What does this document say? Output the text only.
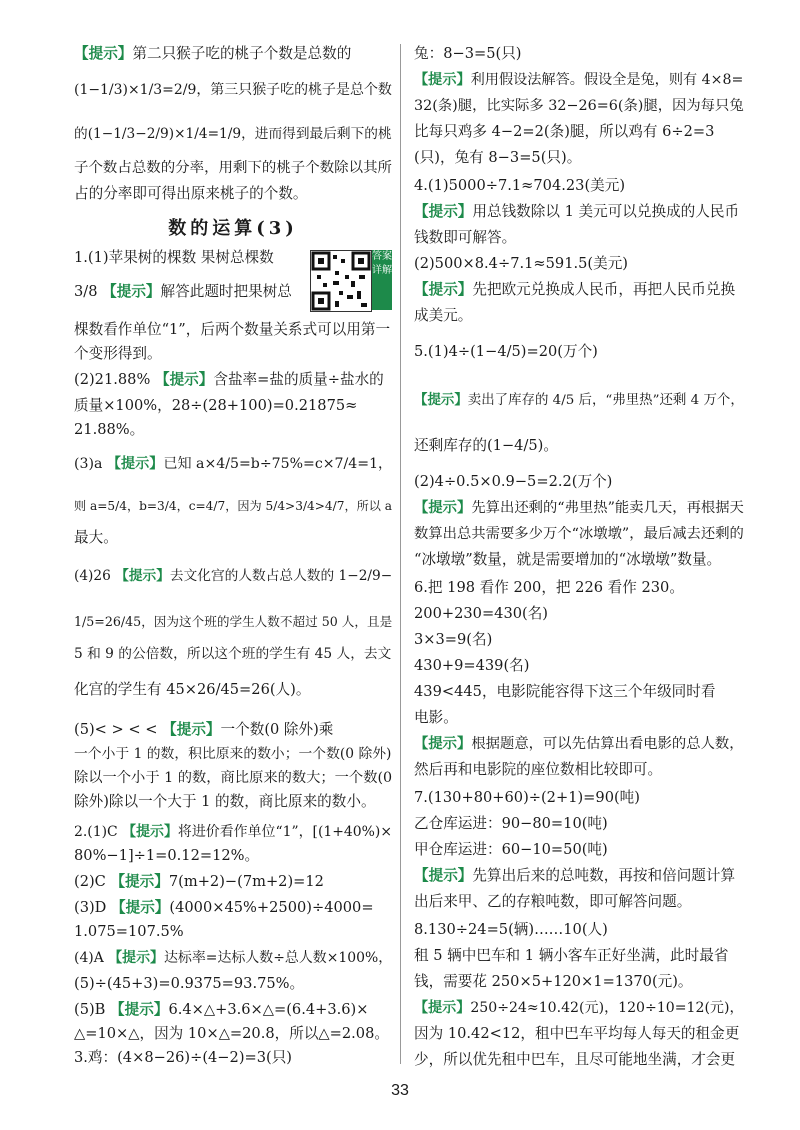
【提示】第二只猴子吃的桃子个数是总数的
(1−1/3)×1/3=2/9，第三只猴子吃的桃子是总个数
的(1−1/3−2/9)×1/4=1/9，进而得到最后剩下的桃
子个数占总数的分率，用剩下的桃子个数除以其所
占的分率即可得出原来桃子的个数。
数的运算(3)
答案详解
1.(1)苹果树的棵数 果树总棵数
3/8 【提示】解答此题时把果树总
棵数看作单位“1”，后两个数量关系式可以用第一
个变形得到。
(2)21.88% 【提示】含盐率=盐的质量÷盐水的
质量×100%，28÷(28+100)=0.21875≈
21.88%。
(3)a 【提示】已知 a×4/5=b÷75%=c×7/4=1，
则 a=5/4，b=3/4，c=4/7，因为 5/4>3/4>4/7，所以 a
最大。
(4)26 【提示】去文化宫的人数占总人数的 1−2/9−
1/5=26/45，因为这个班的学生人数不超过 50 人，且是
5 和 9 的公倍数，所以这个班的学生有 45 人，去文
化宫的学生有 45×26/45=26(人)。
(5)< > < < 【提示】一个数(0 除外)乘
一个小于 1 的数，积比原来的数小；一个数(0 除外)
除以一个小于 1 的数，商比原来的数大；一个数(0
除外)除以一个大于 1 的数，商比原来的数小。
2.(1)C 【提示】将进价看作单位“1”，[(1+40%)×
80%−1]÷1=0.12=12%。
(2)C 【提示】7(m+2)−(7m+2)=12
(3)D 【提示】(4000×45%+2500)÷4000=
1.075=107.5%
(4)A 【提示】达标率=达标人数÷总人数×100%，
(5)÷(45+3)=0.9375=93.75%。
(5)B 【提示】6.4×△+3.6×△=(6.4+3.6)×
△=10×△，因为 10×△=20.8，所以△=2.08。
3.鸡：(4×8−26)÷(4−2)=3(只)
兔：8−3=5(只)
【提示】利用假设法解答。假设全是兔，则有 4×8=
32(条)腿，比实际多 32−26=6(条)腿，因为每只兔
比每只鸡多 4−2=2(条)腿，所以鸡有 6÷2=3
(只)，兔有 8−3=5(只)。
4.(1)5000÷7.1≈704.23(美元)
【提示】用总钱数除以 1 美元可以兑换成的人民币
钱数即可解答。
(2)500×8.4÷7.1≈591.5(美元)
【提示】先把欧元兑换成人民币，再把人民币兑换
成美元。
5.(1)4÷(1−4/5)=20(万个)
【提示】卖出了库存的 4/5 后，“弗里热”还剩 4 万个，
还剩库存的(1−4/5)。
(2)4÷0.5×0.9−5=2.2(万个)
【提示】先算出还剩的“弗里热”能卖几天，再根据天
数算出总共需要多少万个“冰墩墩”，最后减去还剩的
“冰墩墩”数量，就是需要增加的“冰墩墩”数量。
6.把 198 看作 200，把 226 看作 230。
200+230=430(名)
3×3=9(名)
430+9=439(名)
439<445，电影院能容得下这三个年级同时看
电影。
【提示】根据题意，可以先估算出看电影的总人数，
然后再和电影院的座位数相比较即可。
7.(130+80+60)÷(2+1)=90(吨)
乙仓库运进：90−80=10(吨)
甲仓库运进：60−10=50(吨)
【提示】先算出后来的总吨数，再按和倍问题计算
出后来甲、乙的存粮吨数，即可解答问题。
8.130÷24=5(辆)……10(人)
租 5 辆中巴车和 1 辆小客车正好坐满，此时最省
钱，需要花 250×5+120×1=1370(元)。
【提示】250÷24≈10.42(元)，120÷10=12(元)，
因为 10.42<12，租中巴车平均每人每天的租金更
少，所以优先租中巴车，且尽可能地坐满，才会更
33
